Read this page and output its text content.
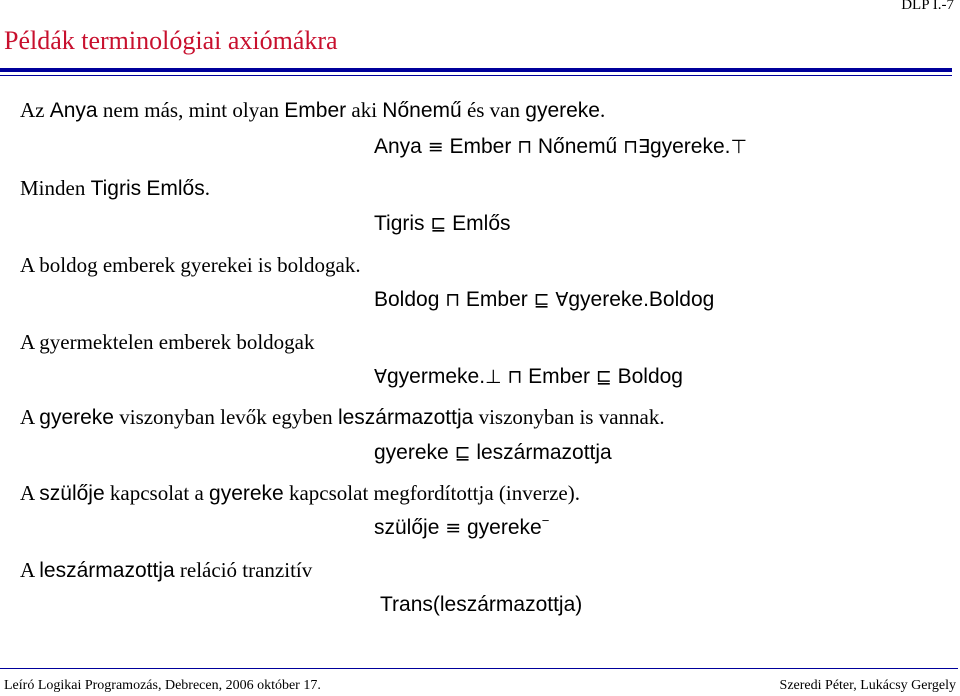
DLP I.-7
Példák terminológiai axiómákra
Az Anya nem más, mint olyan Ember aki Nőnemű és van gyereke.
Anya ≡ Ember ⊓ Nőnemű ⊓∃gyereke.⊤
Minden Tigris Emlős.
Tigris ⊑ Emlős
A boldog emberek gyerekei is boldogak.
Boldog ⊓ Ember ⊑ ∀gyereke.Boldog
A gyermektelen emberek boldogak
∀gyermeke.⊥ ⊓ Ember ⊑ Boldog
A gyereke viszonyban levők egyben leszármazottja viszonyban is vannak.
gyereke ⊑ leszármazottja
A szülője kapcsolat a gyereke kapcsolat megfordítottja (inverze).
szülője ≡ gyereke−
A leszármazottja reláció tranzitív
Trans(leszármazottja)
Leíró Logikai Programozás, Debrecen, 2006 október 17.	Szeredi Péter, Lukácsy Gergely
